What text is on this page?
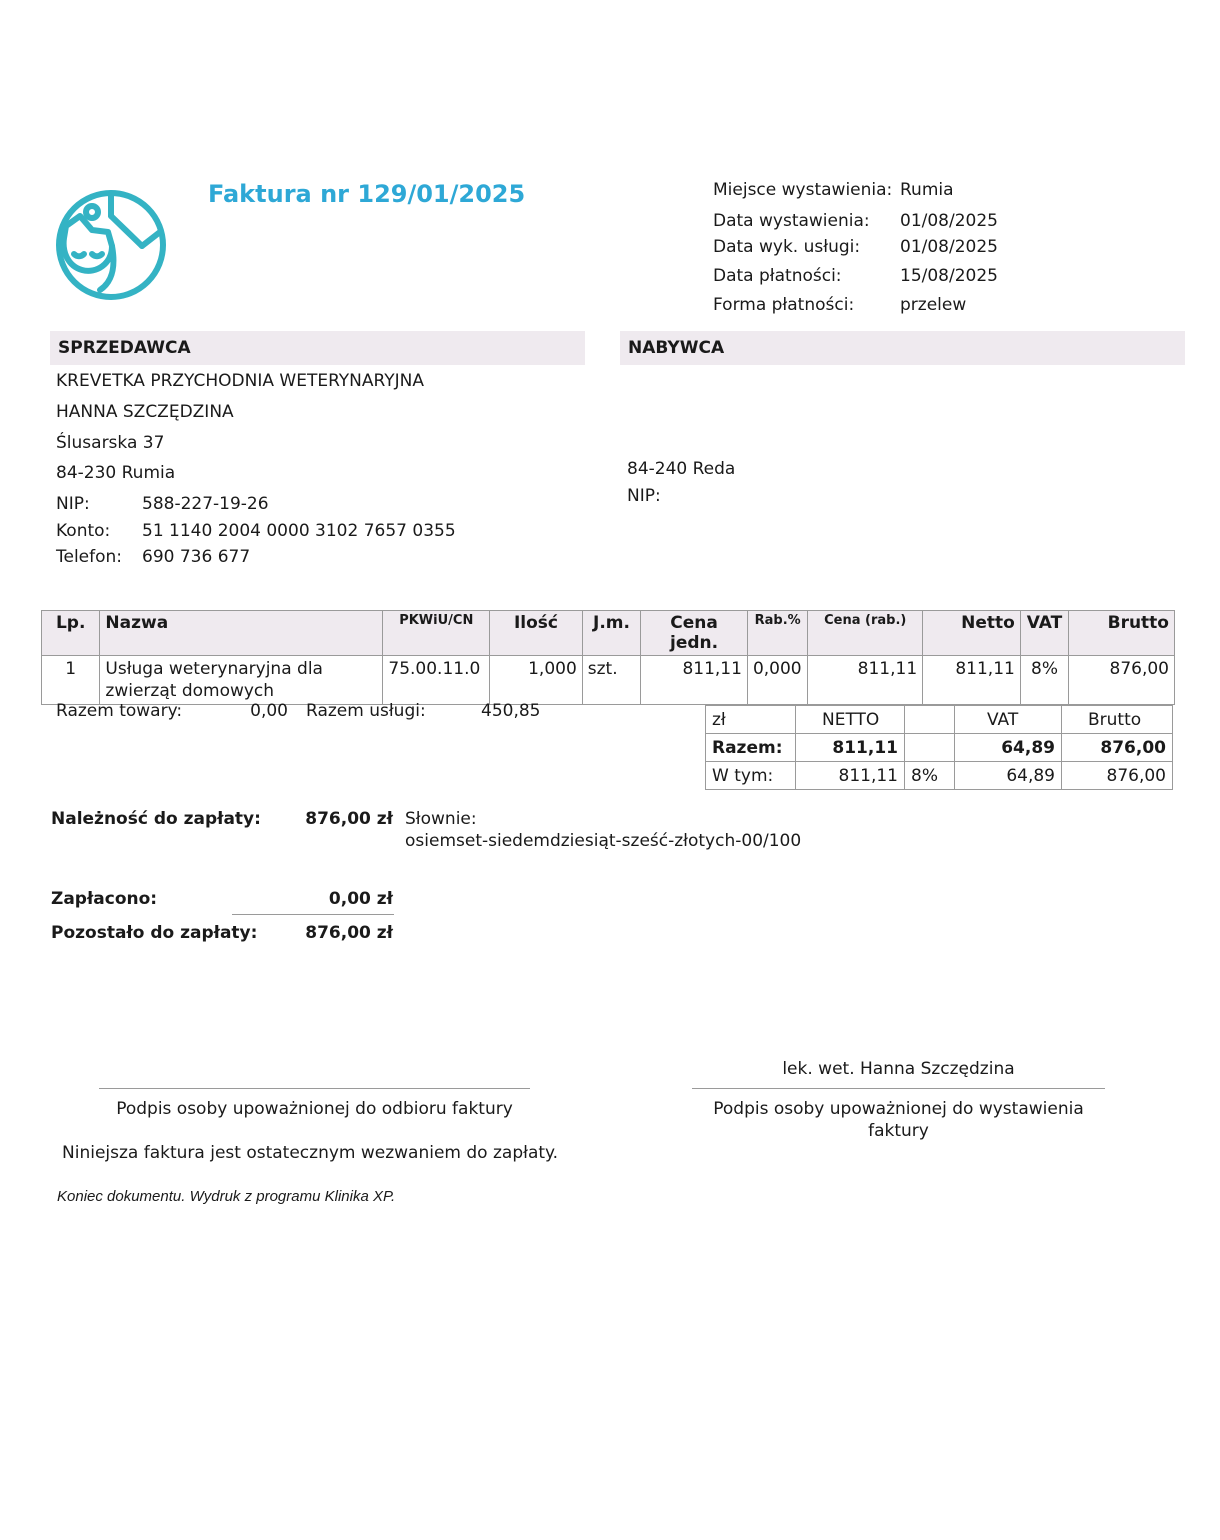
Faktura nr 129/01/2025	Miejsce wystawienia: Rumia
Data wystawienia: 01/08/2025
Data wyk. usługi: 01/08/2025
Data płatności:	15/08/2025
Forma płatności:	przelew
SPRZEDAWCA	NABYWCA
KREVETKA PRZYCHODNIA WETERYNARYJNA
HANNA SZCZĘDZINA
Ślusarska 37
84-230 Rumia
NIP:	588-227-19-26
Konto: 51 1140 2004 0000 3102 7657 0355
Telefon: 690 736 677
84-240 Reda
NIP:
Lp.	Nazwa	PKWiU/CN	Ilość	J.m.	Cena jedn.	Rab.%	Cena (rab.)	Netto	VAT	Brutto
1	Usługa weterynaryjna dla zwierząt domowych	75.00.11.0	1,000	szt.	811,11	0,000	811,11	811,11	8%	876,00
Razem towary:	0,00 Razem usługi:	450,85	zł	NETTO		VAT	Brutto
Razem:	811,11		64,89	876,00
W tym:	811,11	8%	64,89	876,00
Należność do zapłaty:	876,00 zł Słownie:
osiemset-siedemdziesiąt-sześć-złotych-00/100
Zapłacono:	0,00 zł
Pozostało do zapłaty:	876,00 zł
lek. wet. Hanna Szczędzina
Podpis osoby upoważnionej do odbioru faktury	Podpis osoby upoważnionej do wystawienia
faktury
Niniejsza faktura jest ostatecznym wezwaniem do zapłaty.
Koniec dokumentu. Wydruk z programu Klinika XP.
